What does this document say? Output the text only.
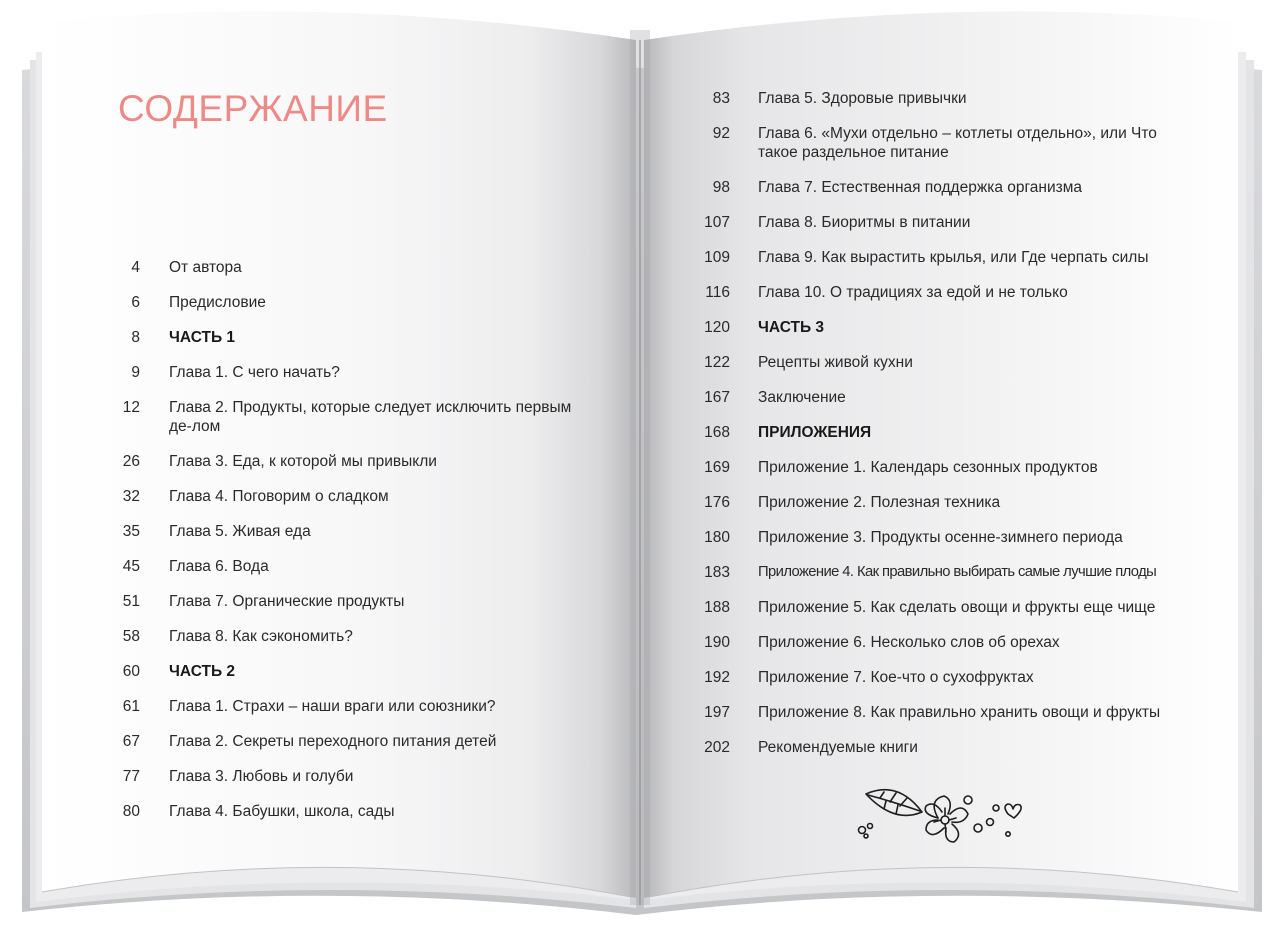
СОДЕРЖАНИЕ
4 От автора
6 Предисловие
8 ЧАСТЬ 1
9 Глава 1. С чего начать?
12 Глава 2. Продукты, которые следует исключить первым де-лом
26 Глава 3. Еда, к которой мы привыкли
32 Глава 4. Поговорим о сладком
35 Глава 5. Живая еда
45 Глава 6. Вода
51 Глава 7. Органические продукты
58 Глава 8. Как сэкономить?
60 ЧАСТЬ 2
61 Глава 1. Страхи – наши враги или союзники?
67 Глава 2. Секреты переходного питания детей
77 Глава 3. Любовь и голуби
80 Глава 4. Бабушки, школа, сады
83 Глава 5. Здоровые привычки
92 Глава 6. «Мухи отдельно – котлеты отдельно», или Что такое раздельное питание
98 Глава 7. Естественная поддержка организма
107 Глава 8. Биоритмы в питании
109 Глава 9. Как вырастить крылья, или Где черпать силы
116 Глава 10. О традициях за едой и не только
120 ЧАСТЬ 3
122 Рецепты живой кухни
167 Заключение
168 ПРИЛОЖЕНИЯ
169 Приложение 1. Календарь сезонных продуктов
176 Приложение 2. Полезная техника
180 Приложение 3. Продукты осенне-зимнего периода
183 Приложение 4. Как правильно выбирать самые лучшие плоды
188 Приложение 5. Как сделать овощи и фрукты еще чище
190 Приложение 6. Несколько слов об орехах
192 Приложение 7. Кое-что о сухофруктах
197 Приложение 8. Как правильно хранить овощи и фрукты
202 Рекомендуемые книги
